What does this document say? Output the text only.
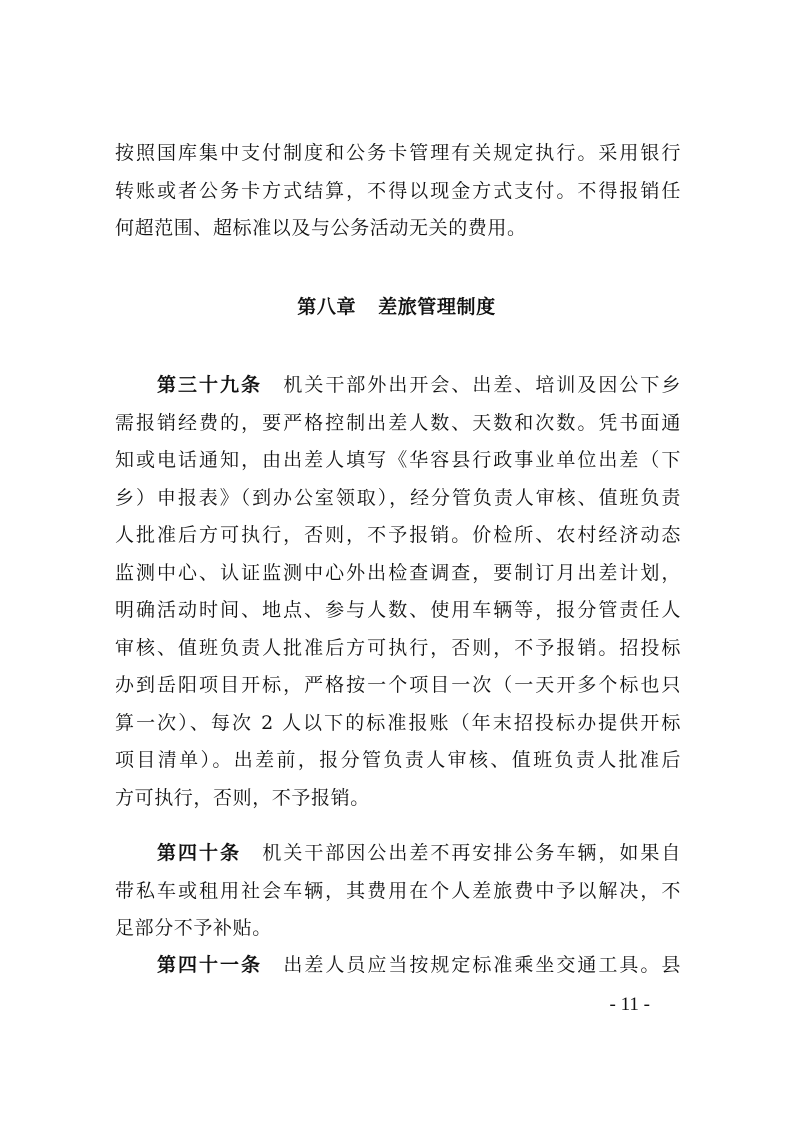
按照国库集中支付制度和公务卡管理有关规定执行。采用银行
转账或者公务卡方式结算，不得以现金方式支付。不得报销任
何超范围、超标准以及与公务活动无关的费用。
第八章 差旅管理制度
第三十九条 机关干部外出开会、出差、培训及因公下乡
需报销经费的，要严格控制出差人数、天数和次数。凭书面通
知或电话通知，由出差人填写《华容县行政事业单位出差（下
乡）申报表》（到办公室领取），经分管负责人审核、值班负责
人批准后方可执行，否则，不予报销。价检所、农村经济动态
监测中心、认证监测中心外出检查调查，要制订月出差计划，
明确活动时间、地点、参与人数、使用车辆等，报分管责任人
审核、值班负责人批准后方可执行，否则，不予报销。招投标
办到岳阳项目开标，严格按一个项目一次（一天开多个标也只
算一次）、每次 2 人以下的标准报账（年末招投标办提供开标
项目清单）。出差前，报分管负责人审核、值班负责人批准后
方可执行，否则，不予报销。
第四十条 机关干部因公出差不再安排公务车辆，如果自
带私车或租用社会车辆，其费用在个人差旅费中予以解决，不
足部分不予补贴。
第四十一条 出差人员应当按规定标准乘坐交通工具。县
- 11 -
